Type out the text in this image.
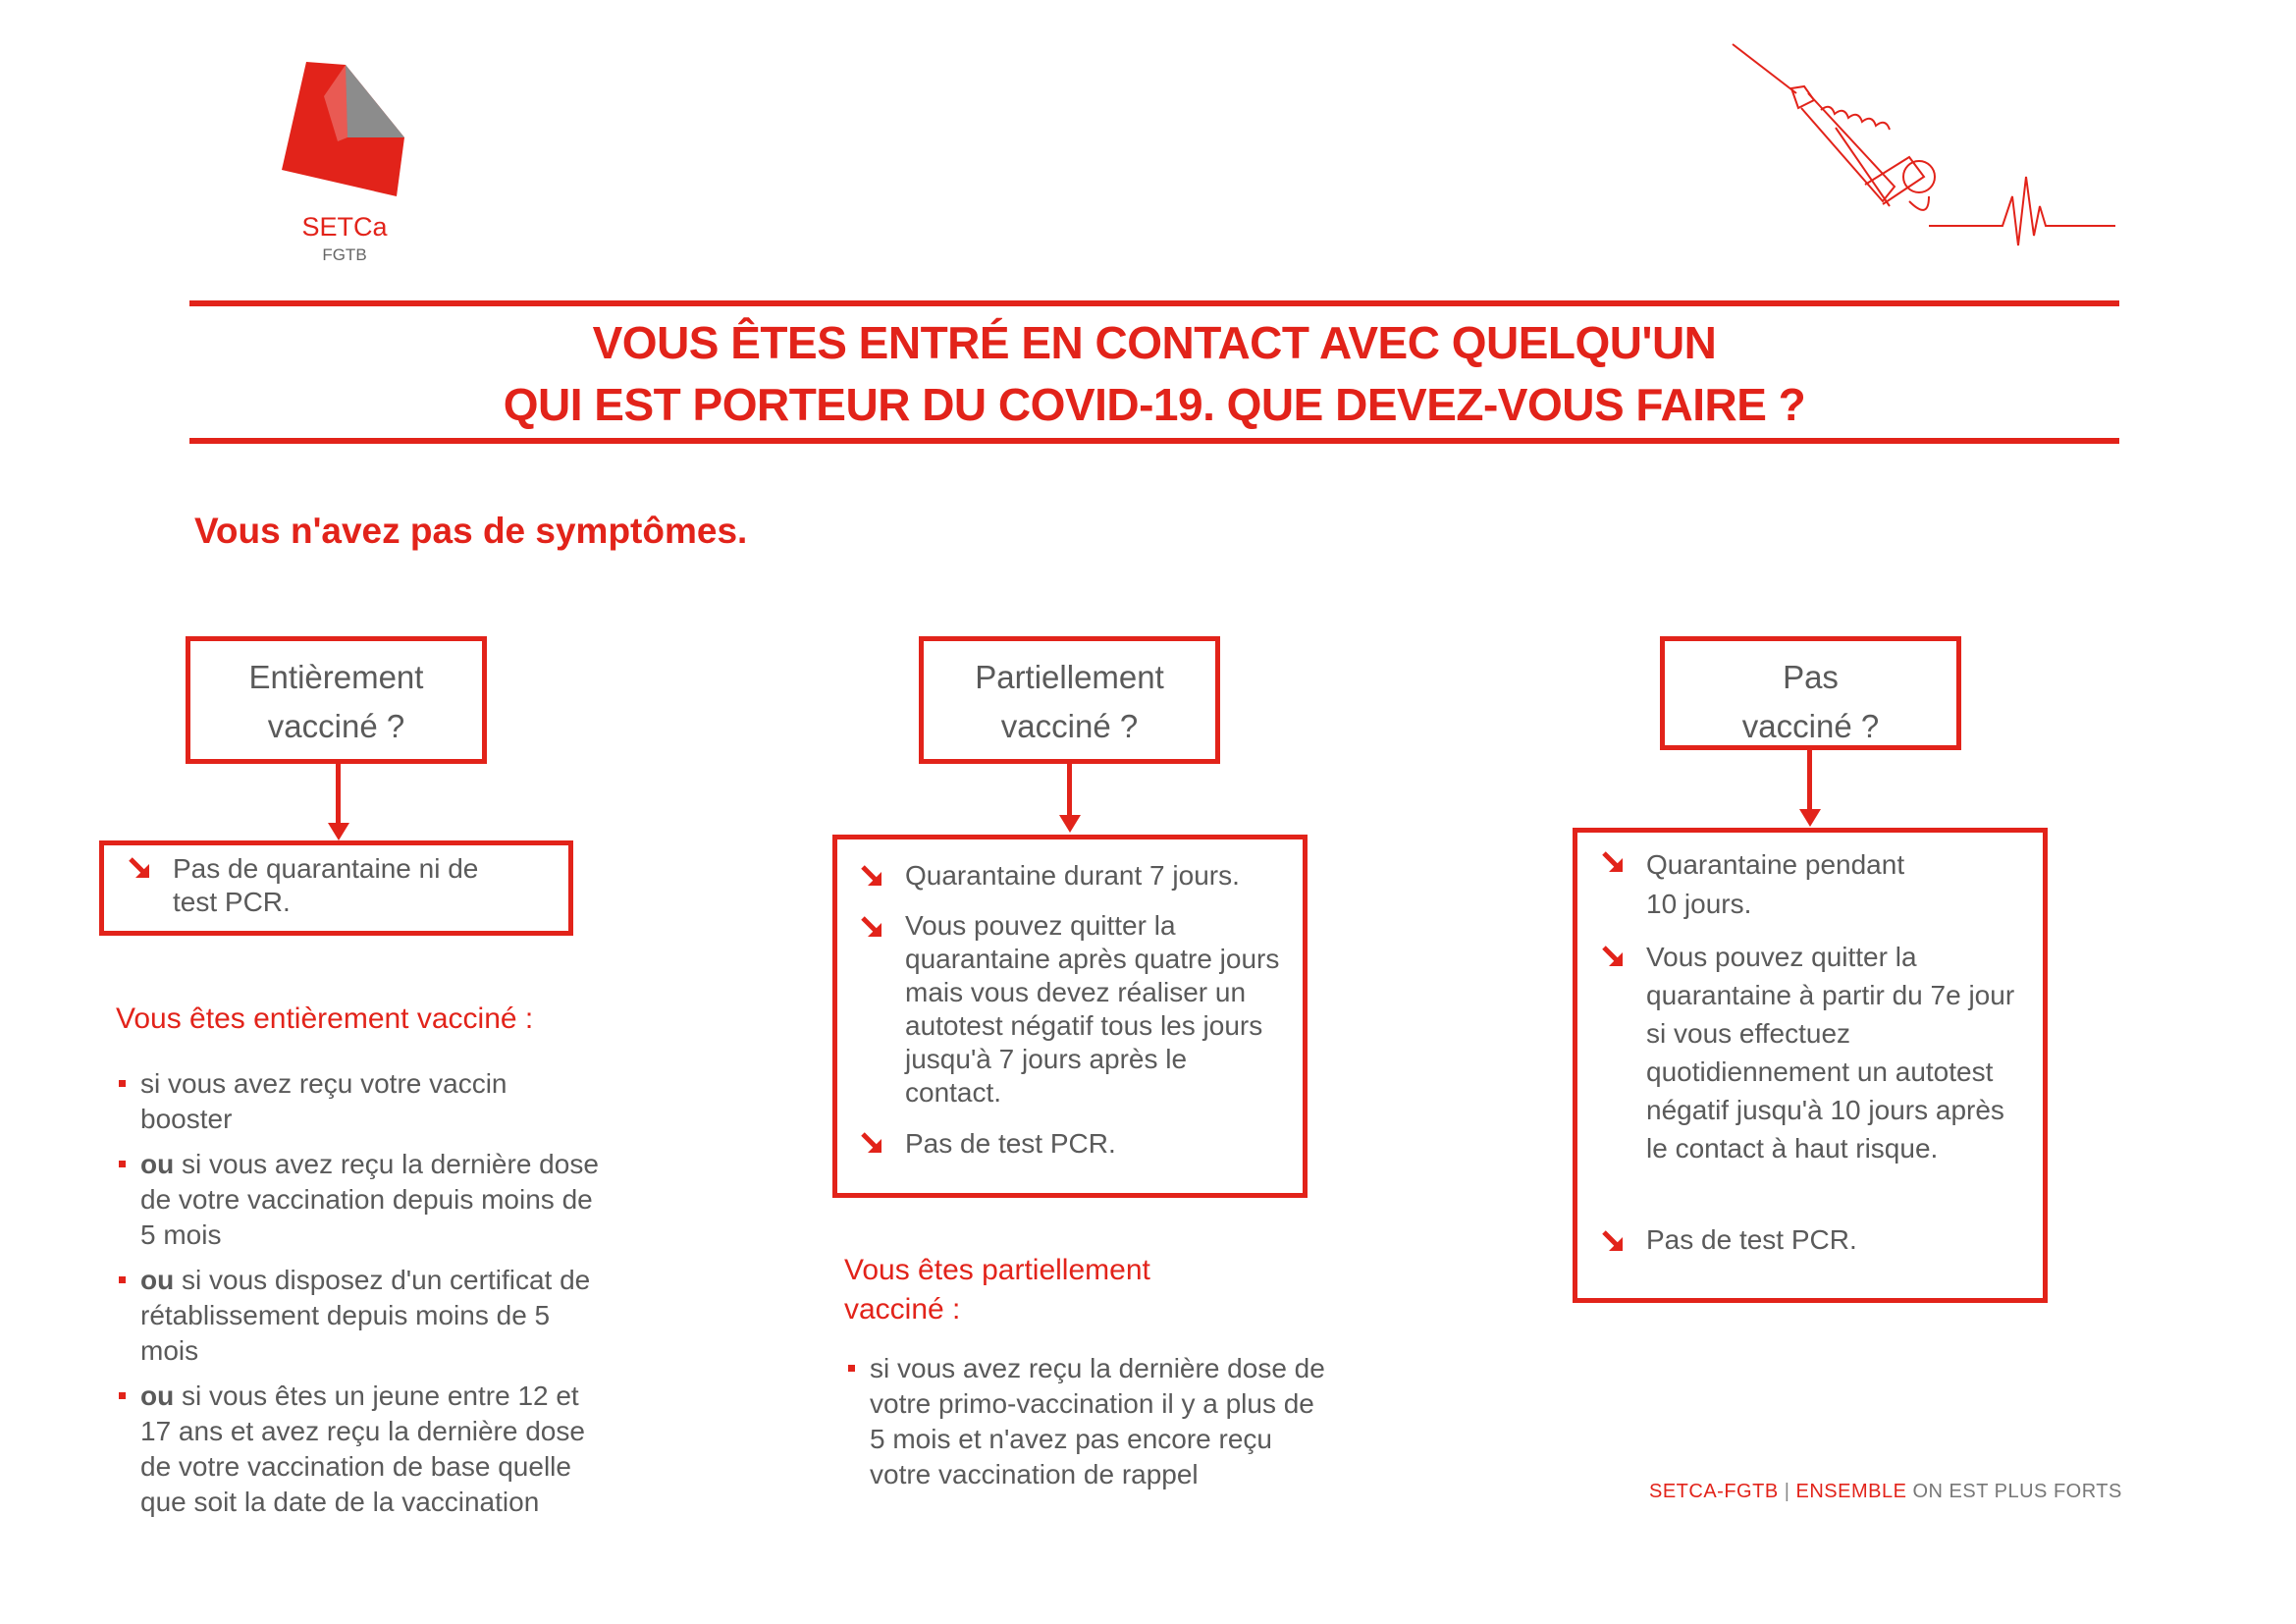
SETCa
FGTB
VOUS ÊTES ENTRÉ EN CONTACT AVEC QUELQU'UN
QUI EST PORTEUR DU COVID-19. QUE DEVEZ-VOUS FAIRE ?
Vous n'avez pas de symptômes.
Entièrement
vacciné ?
Pas de quarantaine ni de test PCR.
Vous êtes entièrement vacciné :
si vous avez reçu votre vaccin booster
ou si vous avez reçu la dernière dose de votre vaccination depuis moins de 5 mois
ou si vous disposez d'un certificat de rétablissement depuis moins de 5 mois
ou si vous êtes un jeune entre 12 et 17 ans et avez reçu la dernière dose de votre vaccination de base quelle que soit la date de la vaccination
Partiellement
vacciné ?
Quarantaine durant 7 jours.
Vous pouvez quitter la quarantaine après quatre jours mais vous devez réaliser un autotest négatif tous les jours jusqu'à 7 jours après le contact.
Pas de test PCR.
Vous êtes partiellement vacciné :
si vous avez reçu la dernière dose de votre primo-vaccination il y a plus de 5 mois et n'avez pas encore reçu votre vaccination de rappel
Pas
vacciné ?
Quarantaine pendant 10 jours.
Vous pouvez quitter la quarantaine à partir du 7e jour si vous effectuez quotidiennement un autotest négatif jusqu'à 10 jours après le contact à haut risque.
Pas de test PCR.
SETCA-FGTB | ENSEMBLE ON EST PLUS FORTS
